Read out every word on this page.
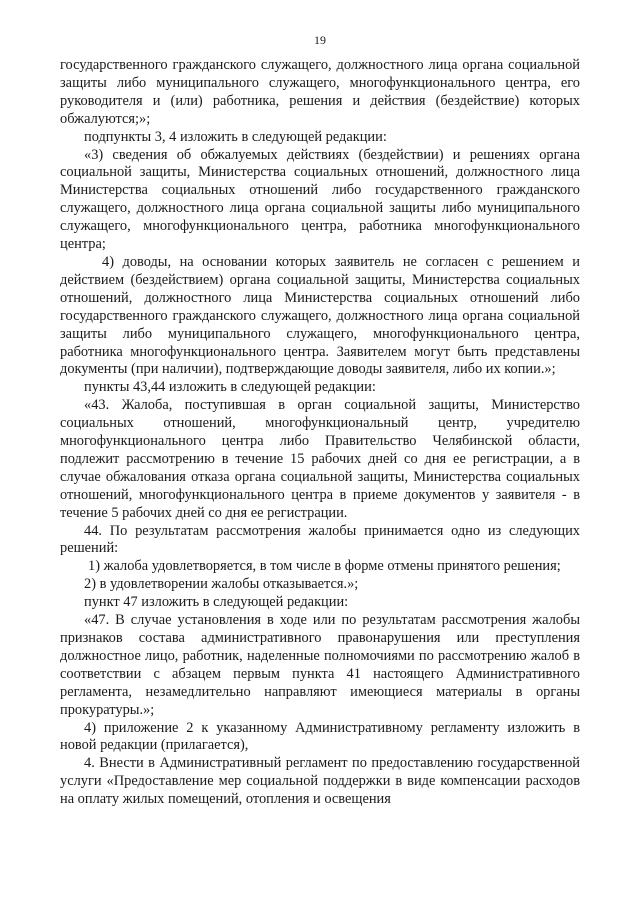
19

государственного гражданского служащего, должностного лица органа социальной защиты либо муниципального служащего, многофункционального центра, его руководителя и (или) работника, решения и действия (бездействие) которых обжалуются;»;

подпункты 3, 4 изложить в следующей редакции:

«3) сведения об обжалуемых действиях (бездействии) и решениях органа социальной защиты, Министерства социальных отношений, должностного лица Министерства социальных отношений либо государственного гражданского служащего, должностного лица органа социальной защиты либо муниципального служащего, многофункционального центра, работника многофункционального центра;

4) доводы, на основании которых заявитель не согласен с решением и действием (бездействием) органа социальной защиты, Министерства социальных отношений, должностного лица Министерства социальных отношений либо государственного гражданского служащего, должностного лица органа социальной защиты либо муниципального служащего, многофункционального центра, работника многофункционального центра. Заявителем могут быть представлены документы (при наличии), подтверждающие доводы заявителя, либо их копии.»;

пункты 43,44 изложить в следующей редакции:

«43. Жалоба, поступившая в орган социальной защиты, Министерство социальных отношений, многофункциональный центр, учредителю многофункционального центра либо Правительство Челябинской области, подлежит рассмотрению в течение 15 рабочих дней со дня ее регистрации, а в случае обжалования отказа органа социальной защиты, Министерства социальных отношений, многофункционального центра в приеме документов у заявителя - в течение 5 рабочих дней со дня ее регистрации.

44. По результатам рассмотрения жалобы принимается одно из следующих решений:

1) жалоба удовлетворяется, в том числе в форме отмены принятого решения;

2) в удовлетворении жалобы отказывается.»;

пункт 47 изложить в следующей редакции:

«47. В случае установления в ходе или по результатам рассмотрения жалобы признаков состава административного правонарушения или преступления должностное лицо, работник, наделенные полномочиями по рассмотрению жалоб в соответствии с абзацем первым пункта 41 настоящего Административного регламента, незамедлительно направляют имеющиеся материалы в органы прокуратуры.»;

4) приложение 2 к указанному Административному регламенту изложить в новой редакции (прилагается),

4. Внести в Административный регламент по предоставлению государственной услуги «Предоставление мер социальной поддержки в виде компенсации расходов на оплату жилых помещений, отопления и освещения
